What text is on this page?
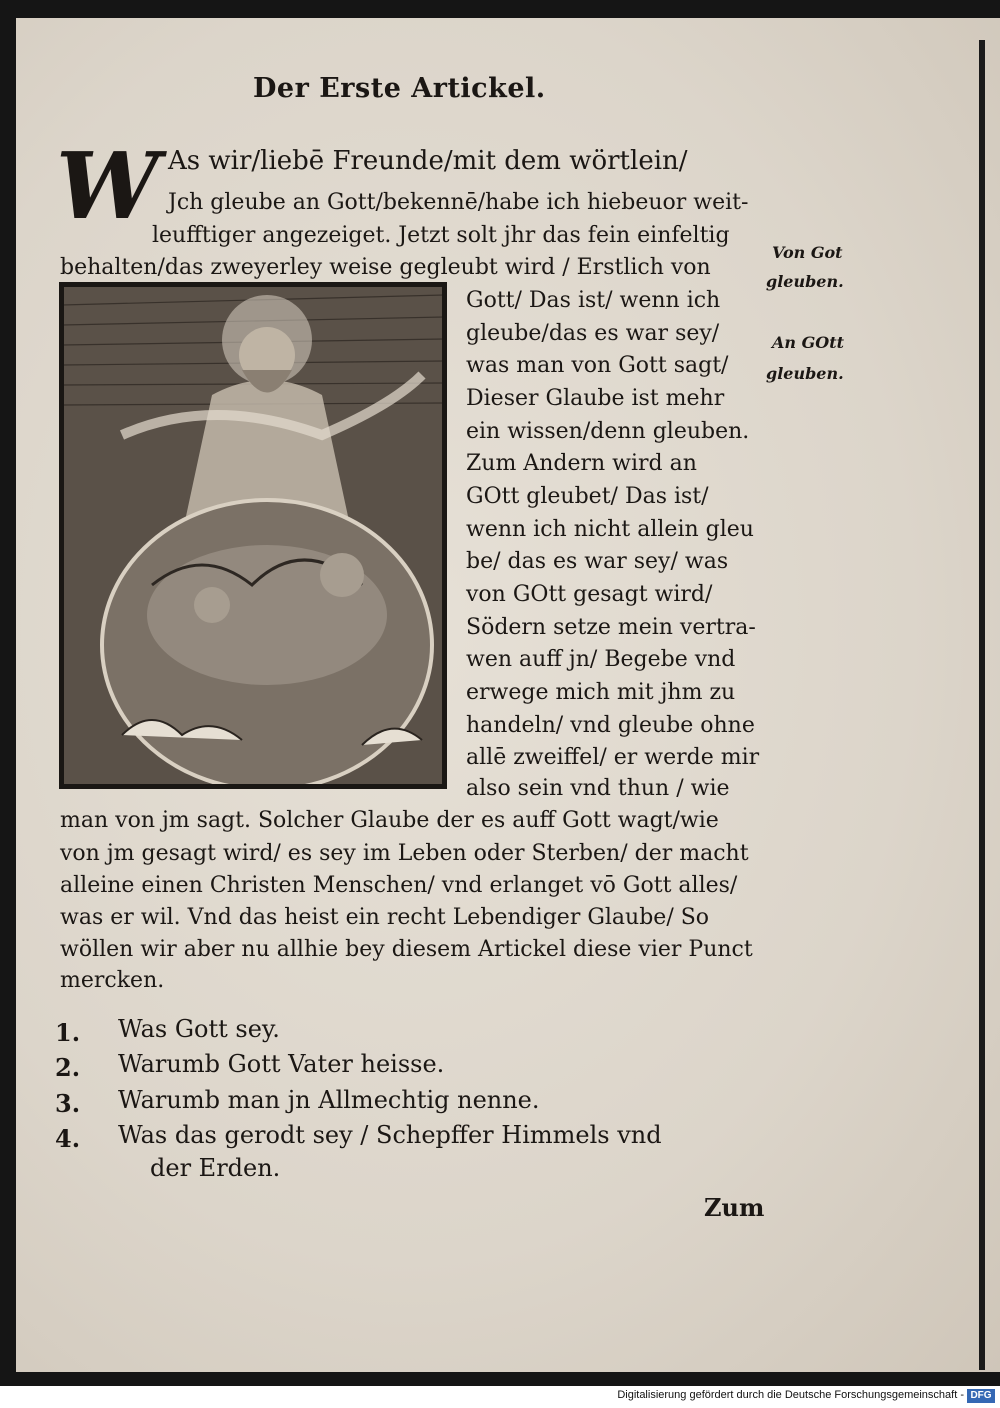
Der Erste Artickel.
W As wir/liebē Freunde/mit dem wörtlein/
Jch gleube an Gott/bekennē/habe ich hiebeuor weit-
leufftiger angezeiget. Jetzt solt jhr das fein einfeltig
behalten/das zweyerley weise gegleubt wird / Erstlich von
Gott/ Das ist/ wenn ich
gleube/das es war sey/
was man von Gott sagt/
Dieser Glaube ist mehr
ein wissen/denn gleuben.
Zum Andern wird an
GOtt gleubet/ Das ist/
wenn ich nicht allein gleu
be/ das es war sey/ was
von GOtt gesagt wird/
Södern setze mein vertra-
wen auff jn/ Begebe vnd
erwege mich mit jhm zu
handeln/ vnd gleube ohne
allē zweiffel/ er werde mir
also sein vnd thun / wie
man von jm sagt. Solcher Glaube der es auff Gott wagt/wie
von jm gesagt wird/ es sey im Leben oder Sterben/ der macht
alleine einen Christen Menschen/ vnd erlanget vō Gott alles/
was er wil. Vnd das heist ein recht Lebendiger Glaube/ So
wöllen wir aber nu allhie bey diesem Artickel diese vier Punct
mercken.
Von Got
gleuben.
An GOtt
gleuben.
1. Was Gott sey.
2. Warumb Gott Vater heisse.
3. Warumb man jn Allmechtig nenne.
4. Was das gerodt sey / Schepffer Himmels vnd
der Erden.
Zum
Digitalisierung gefördert durch die Deutsche Forschungsgemeinschaft - DFG
